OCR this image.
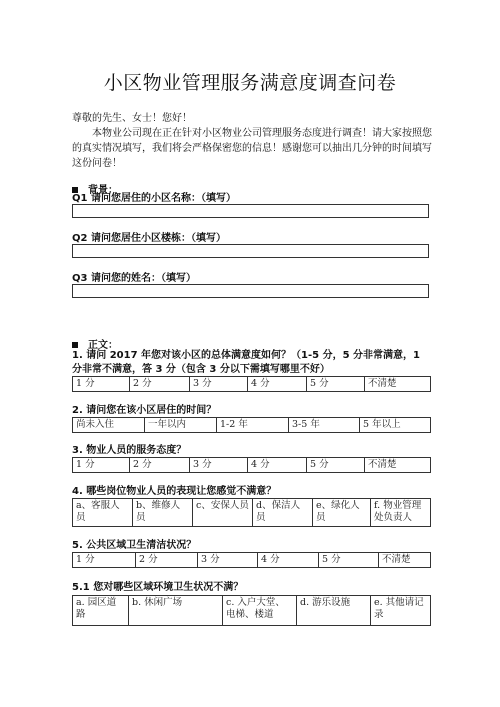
小区物业管理服务满意度调查问卷

尊敬的先生、女士！您好！

本物业公司现在正在针对小区物业公司管理服务态度进行调查！请大家按照您的真实情况填写，我们将会严格保密您的信息！感谢您可以抽出几分钟的时间填写这份问卷！

背景：
Q1 请问您居住的小区名称：（填写）
Q2 请问您居住小区楼栋：（填写）
Q3 请问您的姓名：（填写）
正文：
1. 请问 2017 年您对该小区的总体满意度如何？（1-5 分，5 分非常满意，1 分非常不满意，答 3 分（包含 3 分以下需填写哪里不好）
1 分	2 分	3 分	4 分	5 分	不清楚
2. 请问您在该小区居住的时间？
尚未入住	一年以内	1-2 年	3-5 年	5 年以上
3. 物业人员的服务态度？
1 分	2 分	3 分	4 分	5 分	不清楚
4. 哪些岗位物业人员的表现让您感觉不满意？
a、客服人员	b、维修人员	c、安保人员	d、保洁人员	e、绿化人员	f. 物业管理处负责人
5. 公共区域卫生清洁状况？
1 分	2 分	3 分	4 分	5 分	不清楚
5.1 您对哪些区域环境卫生状况不满？
a. 园区道路	b. 休闲广场	c. 入户大堂、电梯、楼道	d. 游乐设施	e. 其他请记录
